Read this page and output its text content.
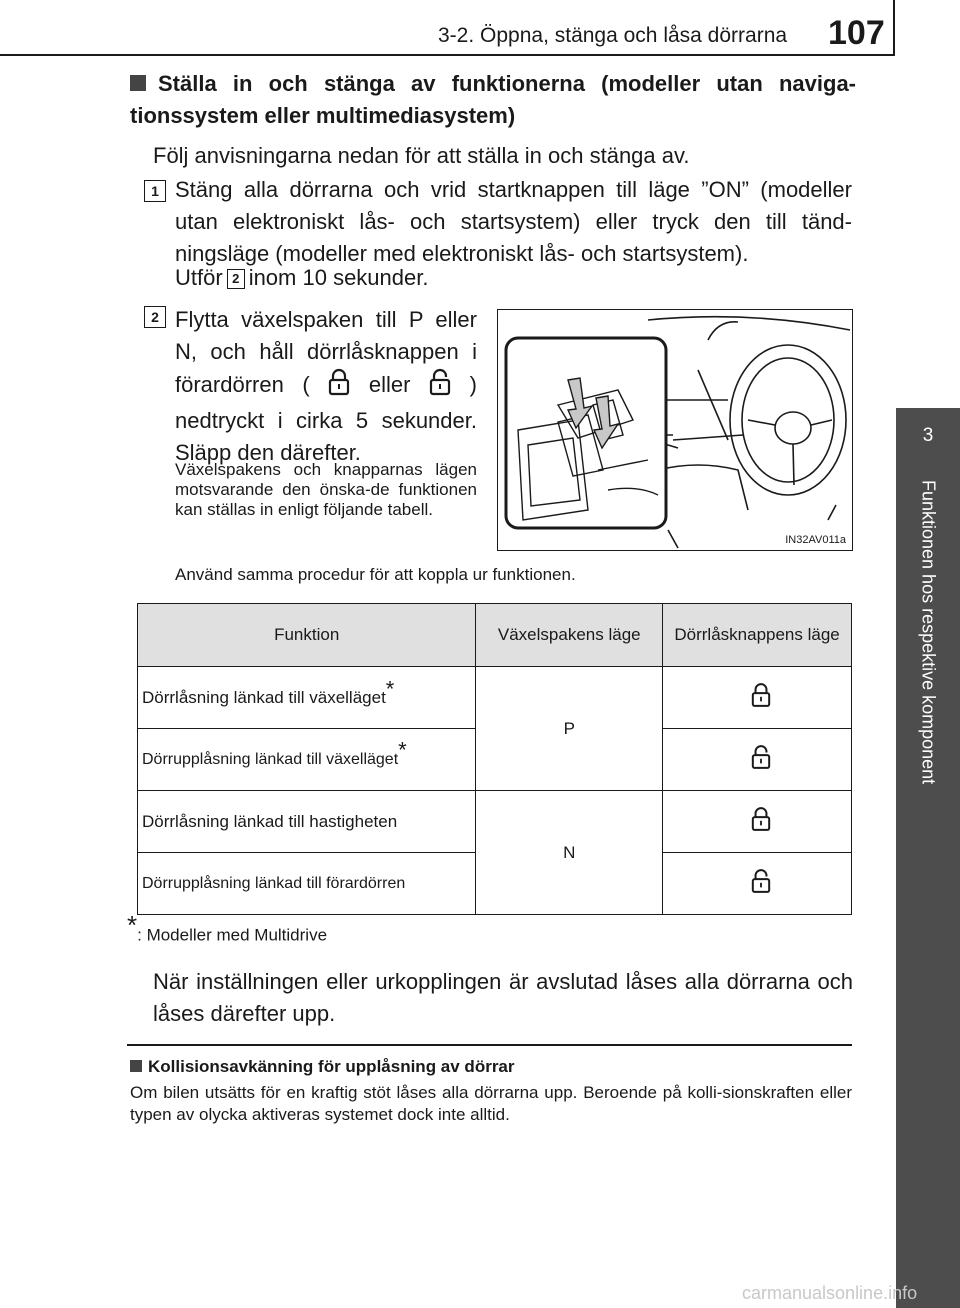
3-2. Öppna, stänga och låsa dörrarna 107
3
Funktionen hos respektive komponent
Ställa in och stänga av funktionerna (modeller utan naviga-tionssystem eller multimediasystem)
Följ anvisningarna nedan för att ställa in och stänga av.
1 Stäng alla dörrarna och vrid startknappen till läge ”ON” (modeller utan elektroniskt lås- och startsystem) eller tryck den till tänd-ningsläge (modeller med elektroniskt lås- och startsystem).
Utför 2 inom 10 sekunder.
2 Flytta växelspaken till P eller N, och håll dörrlåsknappen i förardörren (	eller	) nedtryckt i cirka 5 sekunder. Släpp den därefter.
Växelspakens och knapparnas lägen motsvarande den önska-de funktionen kan ställas in enligt följande tabell.
Använd samma procedur för att koppla ur funktionen.
IN32AV011a
Funktion	Växelspakens läge	Dörrlåsknappens läge
Dörrlåsning länkad till växelläget*	P	
Dörrupplåsning länkad till växelläget*	
Dörrlåsning länkad till hastigheten	N	
Dörrupplåsning länkad till förardörren	
*: Modeller med Multidrive
När inställningen eller urkopplingen är avslutad låses alla dörrarna och låses därefter upp.
Kollisionsavkänning för upplåsning av dörrar
Om bilen utsätts för en kraftig stöt låses alla dörrarna upp. Beroende på kolli-sionskraften eller typen av olycka aktiveras systemet dock inte alltid.
carmanualsonline.info
